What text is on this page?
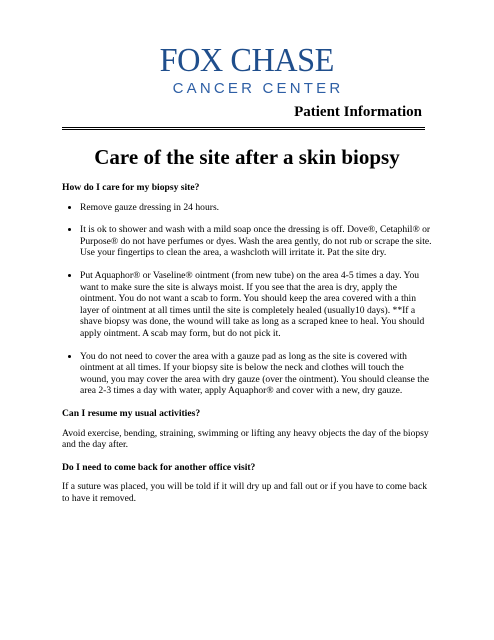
FOX CHASE
CANCER CENTER
Patient Information
Care of the site after a skin biopsy

How do I care for my biopsy site?

• Remove gauze dressing in 24 hours.
• It is ok to shower and wash with a mild soap once the dressing is off. Dove®, Cetaphil® or Purpose® do not have perfumes or dyes. Wash the area gently, do not rub or scrape the site. Use your fingertips to clean the area, a washcloth will irritate it. Pat the site dry.
• Put Aquaphor® or Vaseline® ointment (from new tube) on the area 4-5 times a day. You want to make sure the site is always moist. If you see that the area is dry, apply the ointment. You do not want a scab to form. You should keep the area covered with a thin layer of ointment at all times until the site is completely healed (usually10 days). **If a shave biopsy was done, the wound will take as long as a scraped knee to heal. You should apply ointment. A scab may form, but do not pick it.
• You do not need to cover the area with a gauze pad as long as the site is covered with ointment at all times. If your biopsy site is below the neck and clothes will touch the wound, you may cover the area with dry gauze (over the ointment). You should cleanse the area 2-3 times a day with water, apply Aquaphor® and cover with a new, dry gauze.

Can I resume my usual activities?

Avoid exercise, bending, straining, swimming or lifting any heavy objects the day of the biopsy and the day after.

Do I need to come back for another office visit?

If a suture was placed, you will be told if it will dry up and fall out or if you have to come back to have it removed.
